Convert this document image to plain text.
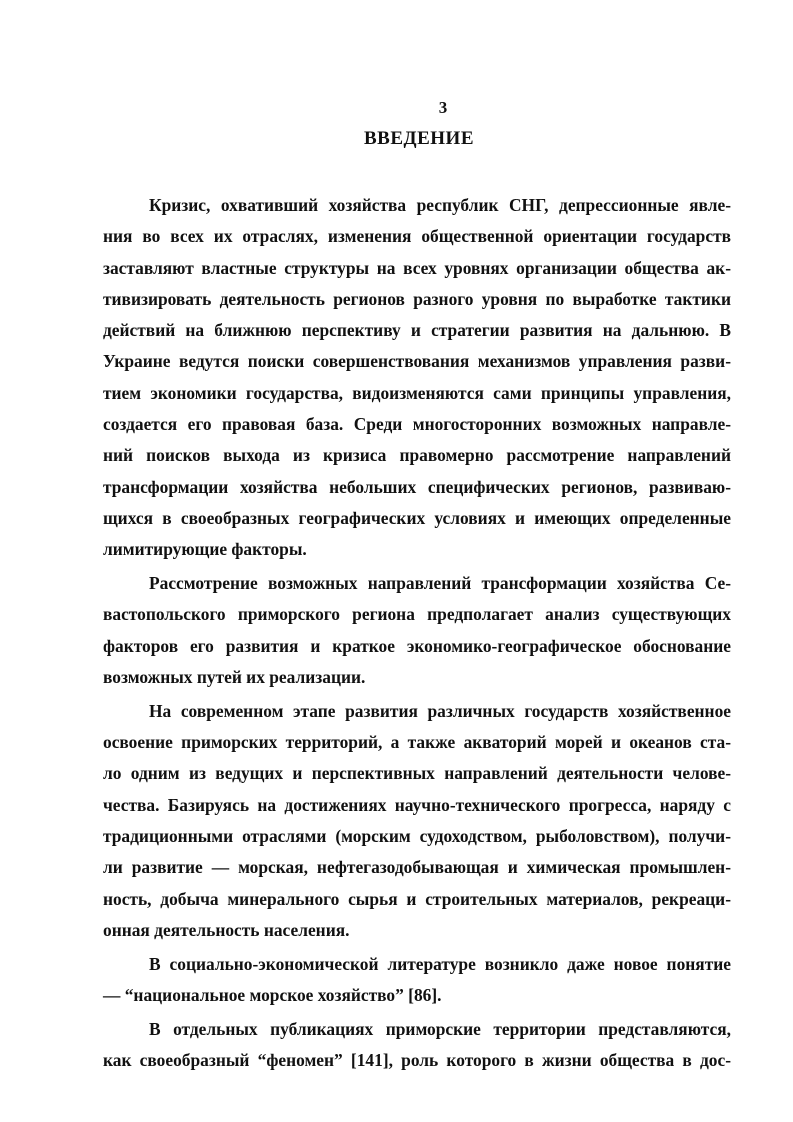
3
ВВЕДЕНИЕ
Кризис, охвативший хозяйства республик СНГ, депрессионные явле-
ния во всех их отраслях, изменения общественной ориентации государств
заставляют властные структуры на всех уровнях организации общества ак-
тивизировать деятельность регионов разного уровня по выработке тактики
действий на ближнюю перспективу и стратегии развития на дальнюю. В
Украине ведутся поиски совершенствования механизмов управления разви-
тием экономики государства, видоизменяются сами принципы управления,
создается его правовая база. Среди многосторонних возможных направле-
ний поисков выхода из кризиса правомерно рассмотрение направлений
трансформации хозяйства небольших специфических регионов, развиваю-
щихся в своеобразных географических условиях и имеющих определенные
лимитирующие факторы.
Рассмотрение возможных направлений трансформации хозяйства Се-
вастопольского приморского региона предполагает анализ существующих
факторов его развития и краткое экономико-географическое обоснование
возможных путей их реализации.
На современном этапе развития различных государств хозяйственное
освоение приморских территорий, а также акваторий морей и океанов ста-
ло одним из ведущих и перспективных направлений деятельности челове-
чества. Базируясь на достижениях научно-технического прогресса, наряду с
традиционными отраслями (морским судоходством, рыболовством), получи-
ли развитие — морская, нефтегазодобывающая и химическая промышлен-
ность, добыча минерального сырья и строительных материалов, рекреаци-
онная деятельность населения.
В социально-экономической литературе возникло даже новое понятие
— “национальное морское хозяйство” [86].
В отдельных публикациях приморские территории представляются,
как своеобразный “феномен” [141], роль которого в жизни общества в дос-
